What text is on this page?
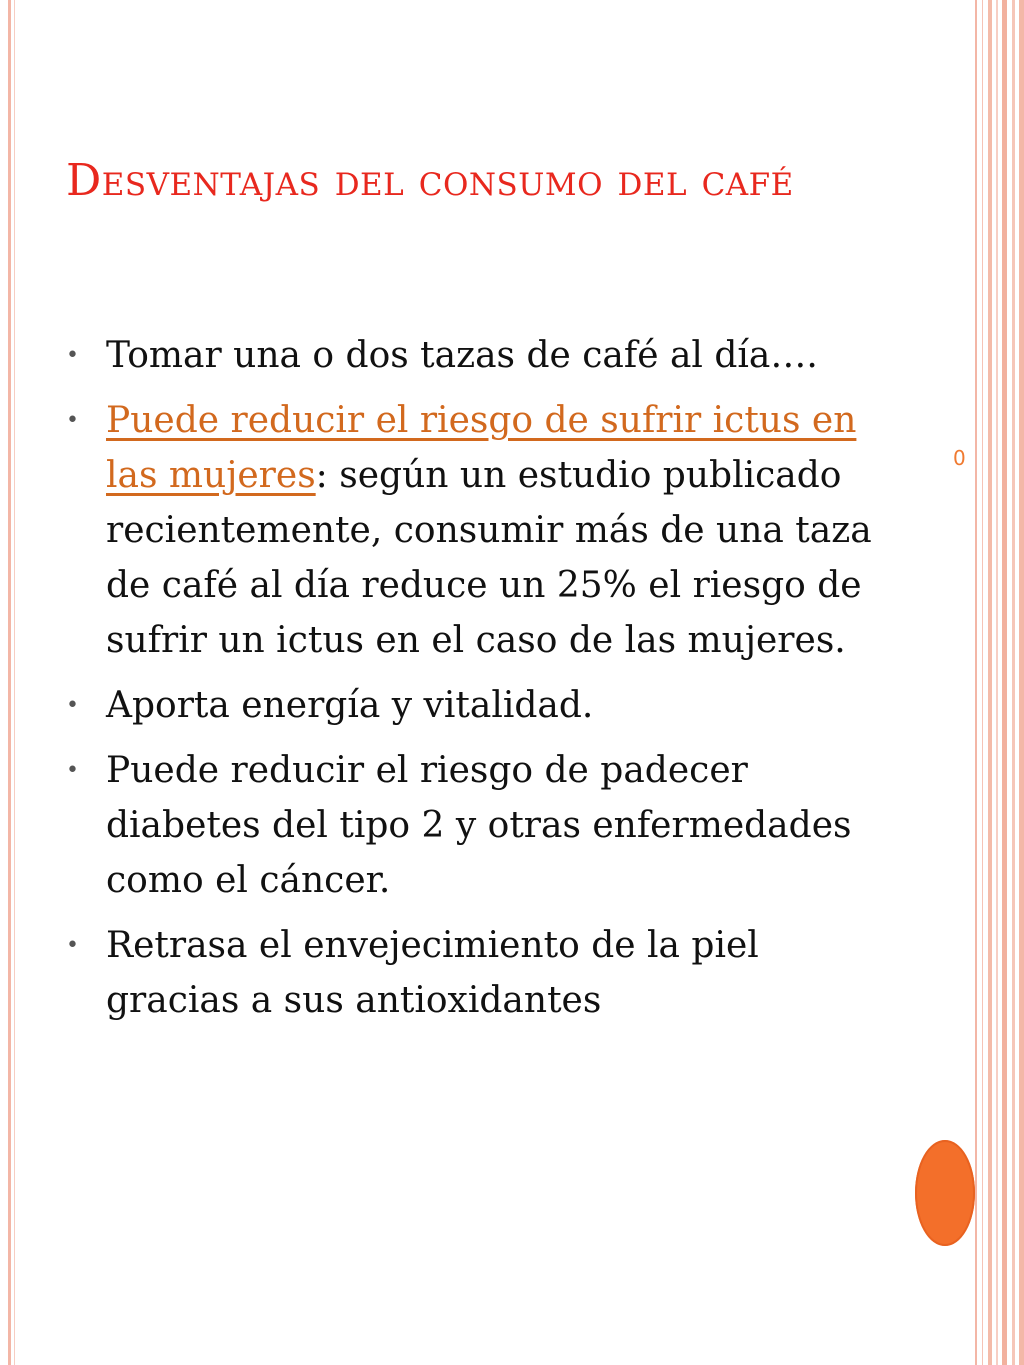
Desventajas del consumo del café
0
• Tomar una o dos tazas de café al día….
• Puede reducir el riesgo de sufrir ictus en las mujeres: según un estudio publicado recientemente, consumir más de una taza de café al día reduce un 25% el riesgo de sufrir un ictus en el caso de las mujeres.
• Aporta energía y vitalidad.
• Puede reducir el riesgo de padecer diabetes del tipo 2 y otras enfermedades como el cáncer.
• Retrasa el envejecimiento de la piel gracias a sus antioxidantes
